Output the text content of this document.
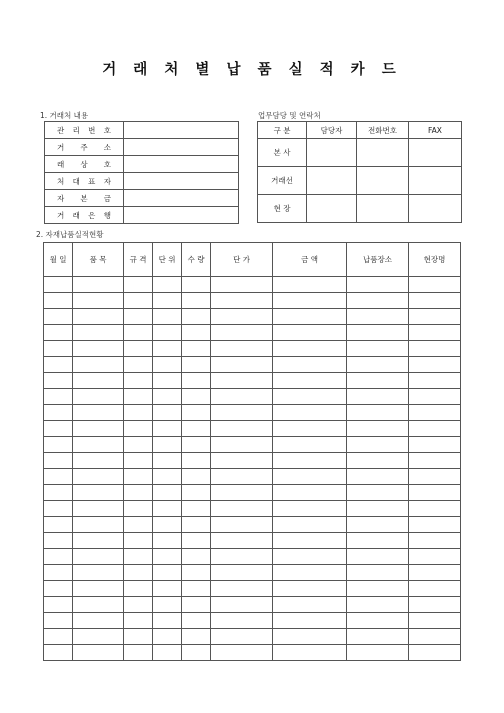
거 래 처 별 납 품 실 적 카 드
1. 거래처 내용
관 리 번 호	
거 주 소	
래 상 호	
처 대 표 자	
자 본 금	
거 래 은 행	
업무담당 및 연락처
구 분	담당자	전화번호	FAX
본 사			
거래선			
현 장			
2. 자재납품실적현황
월 일	품 목	규 격	단 위	수 량	단 가	금 액	납품장소	현장명
